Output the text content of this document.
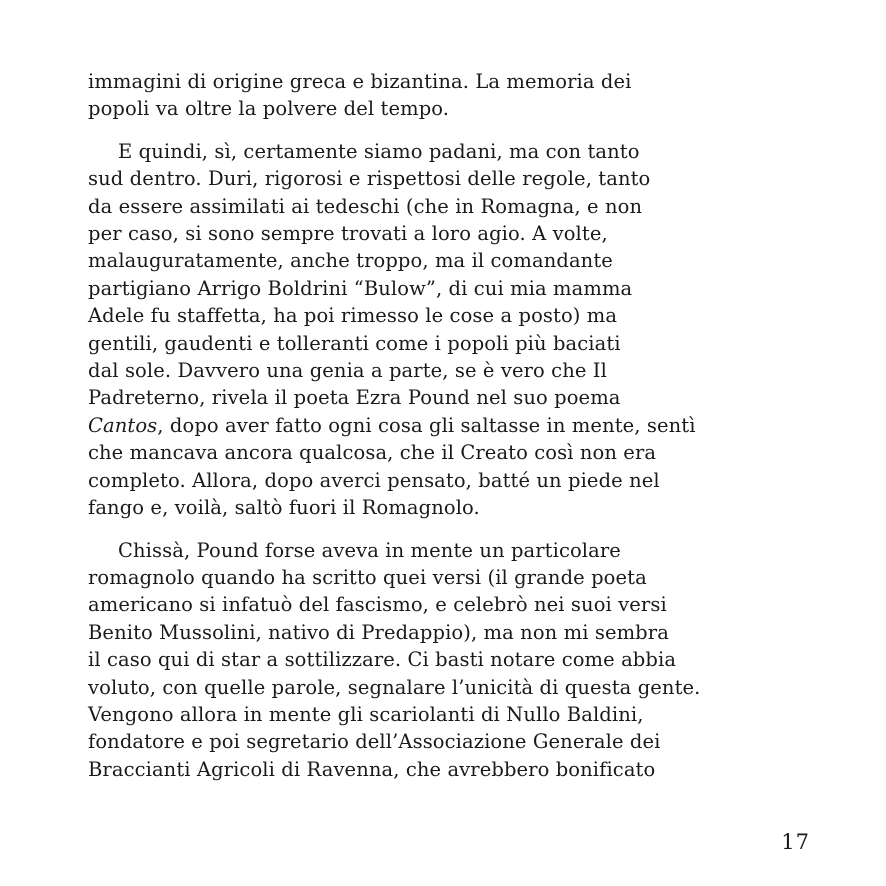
immagini di origine greca e bizantina. La memoria dei
popoli va oltre la polvere del tempo.
E quindi, sì, certamente siamo padani, ma con tanto
sud dentro. Duri, rigorosi e rispettosi delle regole, tanto
da essere assimilati ai tedeschi (che in Romagna, e non
per caso, si sono sempre trovati a loro agio. A volte,
malauguratamente, anche troppo, ma il comandante
partigiano Arrigo Boldrini “Bulow”, di cui mia mamma
Adele fu staffetta, ha poi rimesso le cose a posto) ma
gentili, gaudenti e tolleranti come i popoli più baciati
dal sole. Davvero una genia a parte, se è vero che Il
Padreterno, rivela il poeta Ezra Pound nel suo poema
Cantos, dopo aver fatto ogni cosa gli saltasse in mente, sentì
che mancava ancora qualcosa, che il Creato così non era
completo. Allora, dopo averci pensato, batté un piede nel
fango e, voilà, saltò fuori il Romagnolo.
Chissà, Pound forse aveva in mente un particolare
romagnolo quando ha scritto quei versi (il grande poeta
americano si infatuò del fascismo, e celebrò nei suoi versi
Benito Mussolini, nativo di Predappio), ma non mi sembra
il caso qui di star a sottilizzare. Ci basti notare come abbia
voluto, con quelle parole, segnalare l’unicità di questa gente.
Vengono allora in mente gli scariolanti di Nullo Baldini,
fondatore e poi segretario dell’Associazione Generale dei
Braccianti Agricoli di Ravenna, che avrebbero bonificato
17
